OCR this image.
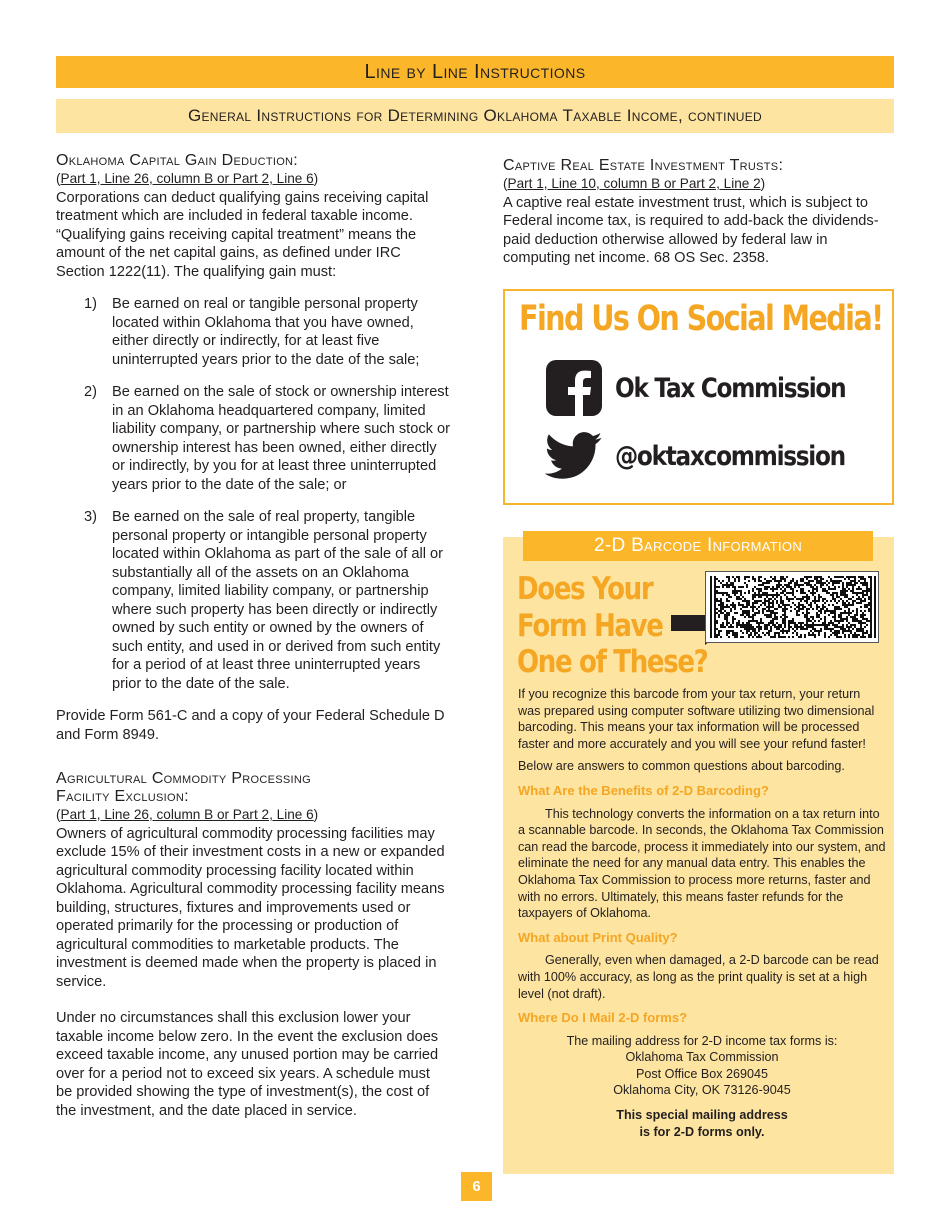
Line by Line Instructions
General Instructions for Determining Oklahoma Taxable Income, continued
Oklahoma Capital Gain Deduction:
(Part 1, Line 26, column B or Part 2, Line 6)

Corporations can deduct qualifying gains receiving capital treatment which are included in federal taxable income. “Qualifying gains receiving capital treatment” means the amount of the net capital gains, as defined under IRC Section 1222(11). The qualifying gain must:

1) Be earned on real or tangible personal property located within Oklahoma that you have owned, either directly or indirectly, for at least five uninterrupted years prior to the date of the sale;
2) Be earned on the sale of stock or ownership interest in an Oklahoma headquartered company, limited liability company, or partnership where such stock or ownership interest has been owned, either directly or indirectly, by you for at least three uninterrupted years prior to the date of the sale; or
3) Be earned on the sale of real property, tangible personal property or intangible personal property located within Oklahoma as part of the sale of all or substantially all of the assets on an Oklahoma company, limited liability company, or partnership where such property has been directly or indirectly owned by such entity or owned by the owners of such entity, and used in or derived from such entity for a period of at least three uninterrupted years prior to the date of the sale.

Provide Form 561-C and a copy of your Federal Schedule D and Form 8949.

Agricultural Commodity Processing
Facility Exclusion:
(Part 1, Line 26, column B or Part 2, Line 6)

Owners of agricultural commodity processing facilities may exclude 15% of their investment costs in a new or expanded agricultural commodity processing facility located within Oklahoma. Agricultural commodity processing facility means building, structures, fixtures and improvements used or operated primarily for the processing or production of agricultural commodities to marketable products. The investment is deemed made when the property is placed in service.

Under no circumstances shall this exclusion lower your taxable income below zero. In the event the exclusion does exceed taxable income, any unused portion may be carried over for a period not to exceed six years. A schedule must be provided showing the type of investment(s), the cost of the investment, and the date placed in service.

Captive Real Estate Investment Trusts:
(Part 1, Line 10, column B or Part 2, Line 2)

A captive real estate investment trust, which is subject to Federal income tax, is required to add-back the dividends-paid deduction otherwise allowed by federal law in computing net income. 68 OS Sec. 2358.

Find Us On Social Media!
Ok Tax Commission
@oktaxcommission
2-D Barcode Information
Does Your
Form Have
One of These?

If you recognize this barcode from your tax return, your return was prepared using computer software utilizing two dimensional barcoding. This means your tax information will be processed faster and more accurately and you will see your refund faster!

Below are answers to common questions about barcoding.

What Are the Benefits of 2-D Barcoding?

This technology converts the information on a tax return into a scannable barcode. In seconds, the Oklahoma Tax Commission can read the barcode, process it immediately into our system, and eliminate the need for any manual data entry. This enables the Oklahoma Tax Commission to process more returns, faster and with no errors. Ultimately, this means faster refunds for the taxpayers of Oklahoma.

What about Print Quality?

Generally, even when damaged, a 2-D barcode can be read with 100% accuracy, as long as the print quality is set at a high level (not draft).

Where Do I Mail 2-D forms?

The mailing address for 2-D income tax forms is:

Oklahoma Tax Commission

Post Office Box 269045

Oklahoma City, OK 73126-9045

This special mailing address

is for 2-D forms only.

6
